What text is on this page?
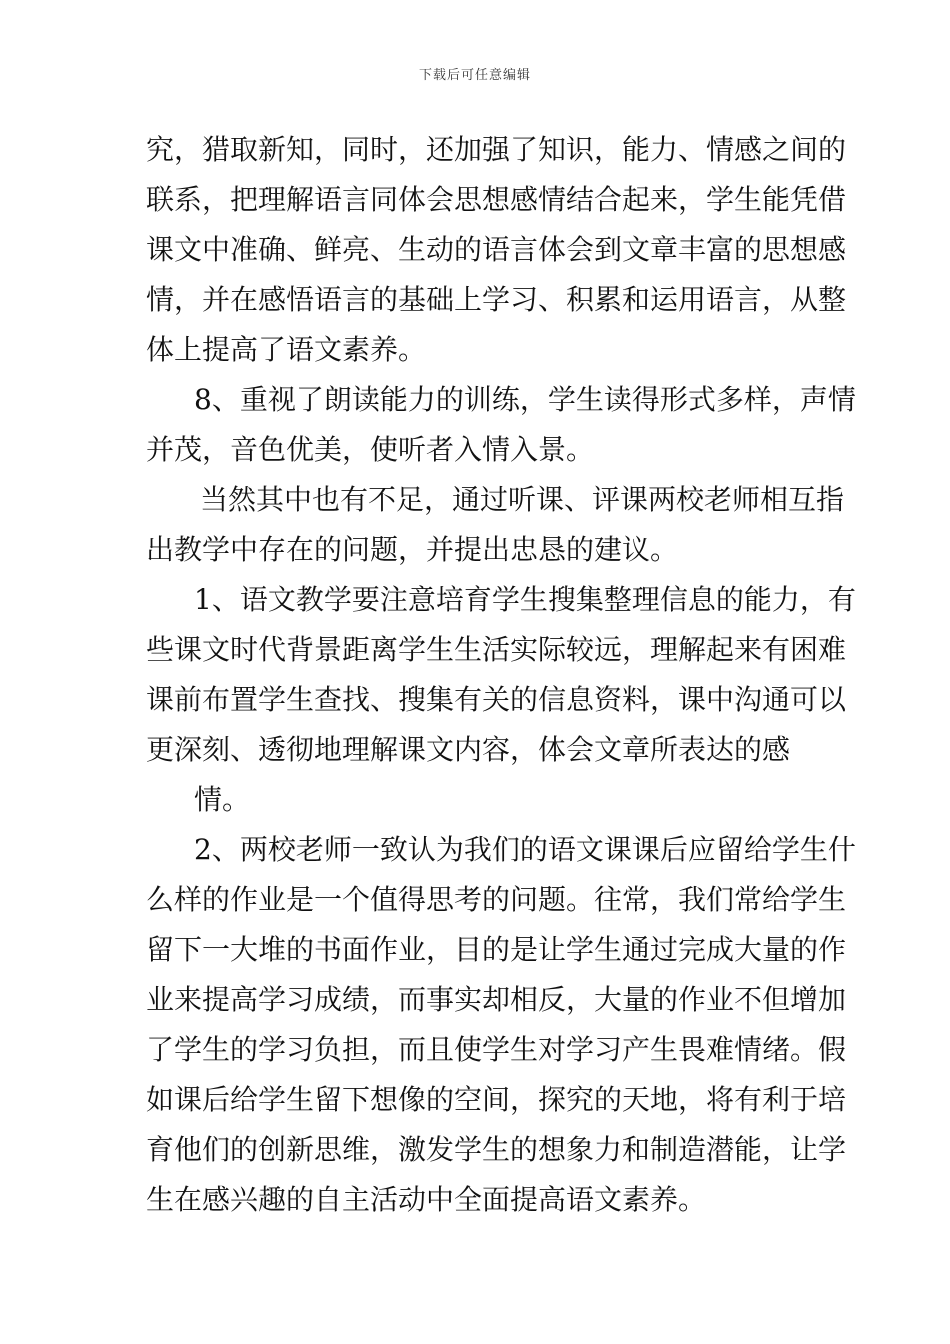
下载后可任意编辑
究，猎取新知，同时，还加强了知识，能力、情感之间的
联系，把理解语言同体会思想感情结合起来，学生能凭借
课文中准确、鲜亮、生动的语言体会到文章丰富的思想感
情，并在感悟语言的基础上学习、积累和运用语言，从整
体上提高了语文素养。
8、重视了朗读能力的训练，学生读得形式多样，声情
并茂，音色优美，使听者入情入景。
当然其中也有不足，通过听课、评课两校老师相互指
出教学中存在的问题，并提出忠恳的建议。
1、语文教学要注意培育学生搜集整理信息的能力，有
些课文时代背景距离学生生活实际较远，理解起来有困难
课前布置学生查找、搜集有关的信息资料，课中沟通可以
更深刻、透彻地理解课文内容，体会文章所表达的感
情。
2、两校老师一致认为我们的语文课课后应留给学生什
么样的作业是一个值得思考的问题。往常，我们常给学生
留下一大堆的书面作业，目的是让学生通过完成大量的作
业来提高学习成绩，而事实却相反，大量的作业不但增加
了学生的学习负担，而且使学生对学习产生畏难情绪。假
如课后给学生留下想像的空间，探究的天地，将有利于培
育他们的创新思维，激发学生的想象力和制造潜能，让学
生在感兴趣的自主活动中全面提高语文素养。
